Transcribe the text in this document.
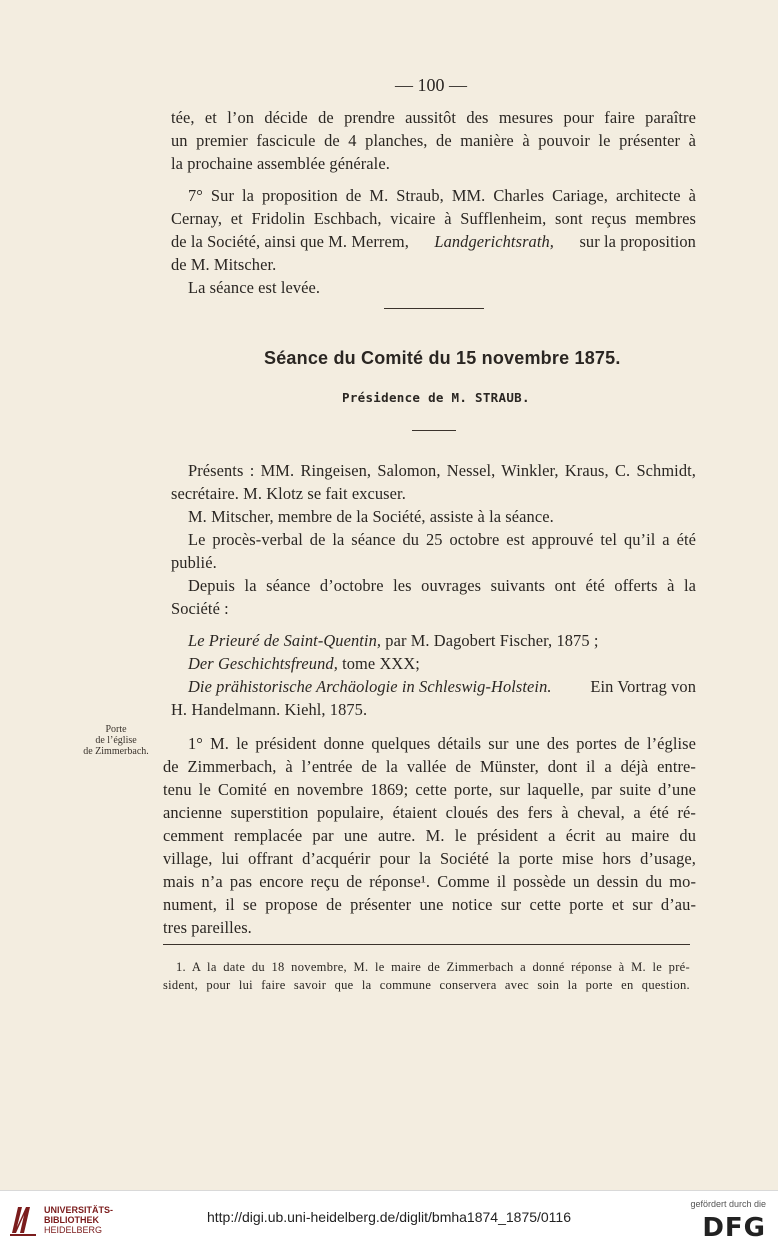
— 100 —
tée, et l’on décide de prendre aussitôt des mesures pour faire paraître
un premier fascicule de 4 planches, de manière à pouvoir le présenter à
la prochaine assemblée générale.
7° Sur la proposition de M. Straub, MM. Charles Cariage, architecte à
Cernay, et Fridolin Eschbach, vicaire à Sufflenheim, sont reçus membres
de la Société, ainsi que M. Merrem, Landgerichtsrath, sur la proposition
de M. Mitscher.
La séance est levée.
Séance du Comité du 15 novembre 1875.
Présidence de M. STRAUB.
Présents : MM. Ringeisen, Salomon, Nessel, Winkler, Kraus, C. Schmidt,
secrétaire. M. Klotz se fait excuser.
M. Mitscher, membre de la Société, assiste à la séance.
Le procès-verbal de la séance du 25 octobre est approuvé tel qu’il a été
publié.
Depuis la séance d’octobre les ouvrages suivants ont été offerts à la
Société :
Le Prieuré de Saint-Quentin, par M. Dagobert Fischer, 1875 ;
Der Geschichtsfreund, tome XXX;
Die prähistorische Archäologie in Schleswig-Holstein. Ein Vortrag von
H. Handelmann. Kiehl, 1875.
Porte
de l’église
de Zimmerbach.	1° M. le président donne quelques détails sur une des portes de l’église
de Zimmerbach, à l’entrée de la vallée de Münster, dont il a déjà entre-
tenu le Comité en novembre 1869; cette porte, sur laquelle, par suite d’une
ancienne superstition populaire, étaient cloués des fers à cheval, a été ré-
cemment remplacée par une autre. M. le président a écrit au maire du
village, lui offrant d’acquérir pour la Société la porte mise hors d’usage,
mais n’a pas encore reçu de réponse¹. Comme il possède un dessin du mo-
nument, il se propose de présenter une notice sur cette porte et sur d’au-
tres pareilles.
1. A la date du 18 novembre, M. le maire de Zimmerbach a donné réponse à M. le pré-
sident, pour lui faire savoir que la commune conservera avec soin la porte en question.
UNIVERSITÄTS-
BIBLIOTHEK
HEIDELBERG
http://digi.ub.uni-heidelberg.de/diglit/bmha1874_1875/0116
gefördert durch die
DFG
